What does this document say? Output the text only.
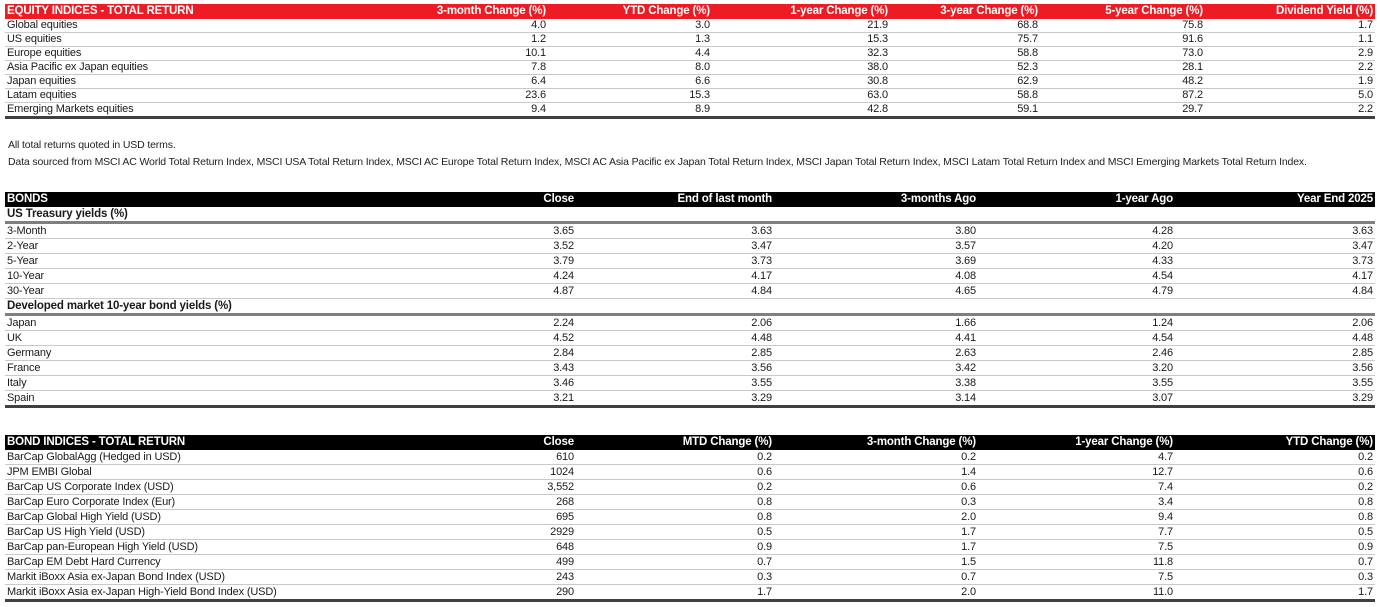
EQUITY INDICES - TOTAL RETURN	3-month Change (%)	YTD Change (%)	1-year Change (%)	3-year Change (%)	5-year Change (%)	Dividend Yield (%)
Global equities	4.0	3.0	21.9	68.8	75.8	1.7
US equities	1.2	1.3	15.3	75.7	91.6	1.1
Europe equities	10.1	4.4	32.3	58.8	73.0	2.9
Asia Pacific ex Japan equities	7.8	8.0	38.0	52.3	28.1	2.2
Japan equities	6.4	6.6	30.8	62.9	48.2	1.9
Latam equities	23.6	15.3	63.0	58.8	87.2	5.0
Emerging Markets equities	9.4	8.9	42.8	59.1	29.7	2.2

All total returns quoted in USD terms.

Data sourced from MSCI AC World Total Return Index, MSCI USA Total Return Index, MSCI AC Europe Total Return Index, MSCI AC Asia Pacific ex Japan Total Return Index, MSCI Japan Total Return Index, MSCI Latam Total Return Index and MSCI Emerging Markets Total Return Index.

BONDS	Close	End of last month	3-months Ago	1-year Ago	Year End 2025
US Treasury yields (%)					
3-Month	3.65	3.63	3.80	4.28	3.63
2-Year	3.52	3.47	3.57	4.20	3.47
5-Year	3.79	3.73	3.69	4.33	3.73
10-Year	4.24	4.17	4.08	4.54	4.17
30-Year	4.87	4.84	4.65	4.79	4.84
Developed market 10-year bond yields (%)					
Japan	2.24	2.06	1.66	1.24	2.06
UK	4.52	4.48	4.41	4.54	4.48
Germany	2.84	2.85	2.63	2.46	2.85
France	3.43	3.56	3.42	3.20	3.56
Italy	3.46	3.55	3.38	3.55	3.55
Spain	3.21	3.29	3.14	3.07	3.29
BOND INDICES - TOTAL RETURN	Close	MTD Change (%)	3-month Change (%)	1-year Change (%)	YTD Change (%)
BarCap GlobalAgg (Hedged in USD)	610	0.2	0.2	4.7	0.2
JPM EMBI Global	1024	0.6	1.4	12.7	0.6
BarCap US Corporate Index (USD)	3,552	0.2	0.6	7.4	0.2
BarCap Euro Corporate Index (Eur)	268	0.8	0.3	3.4	0.8
BarCap Global High Yield (USD)	695	0.8	2.0	9.4	0.8
BarCap US High Yield (USD)	2929	0.5	1.7	7.7	0.5
BarCap pan-European High Yield (USD)	648	0.9	1.7	7.5	0.9
BarCap EM Debt Hard Currency	499	0.7	1.5	11.8	0.7
Markit iBoxx Asia ex-Japan Bond Index (USD)	243	0.3	0.7	7.5	0.3
Markit iBoxx Asia ex-Japan High-Yield Bond Index (USD)	290	1.7	2.0	11.0	1.7
